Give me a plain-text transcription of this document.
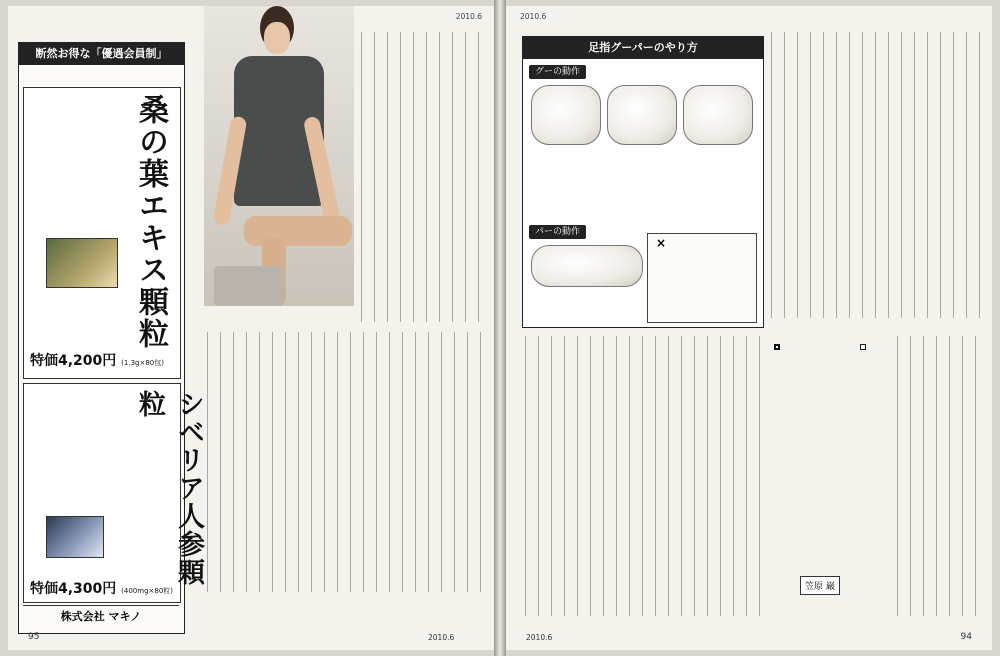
2010.6
断然お得な「優遇会員制」
桑の葉エキス顆粒
特価4,200円 (1.3g×80包)
シベリア人参顆粒
特価4,300円 (400mg×80粒)
株式会社 マキノ
95	2010.6
2010.6
足指グーパーのやり方
グーの動作
パーの動作
×
笠原 巌
2010.6	94
